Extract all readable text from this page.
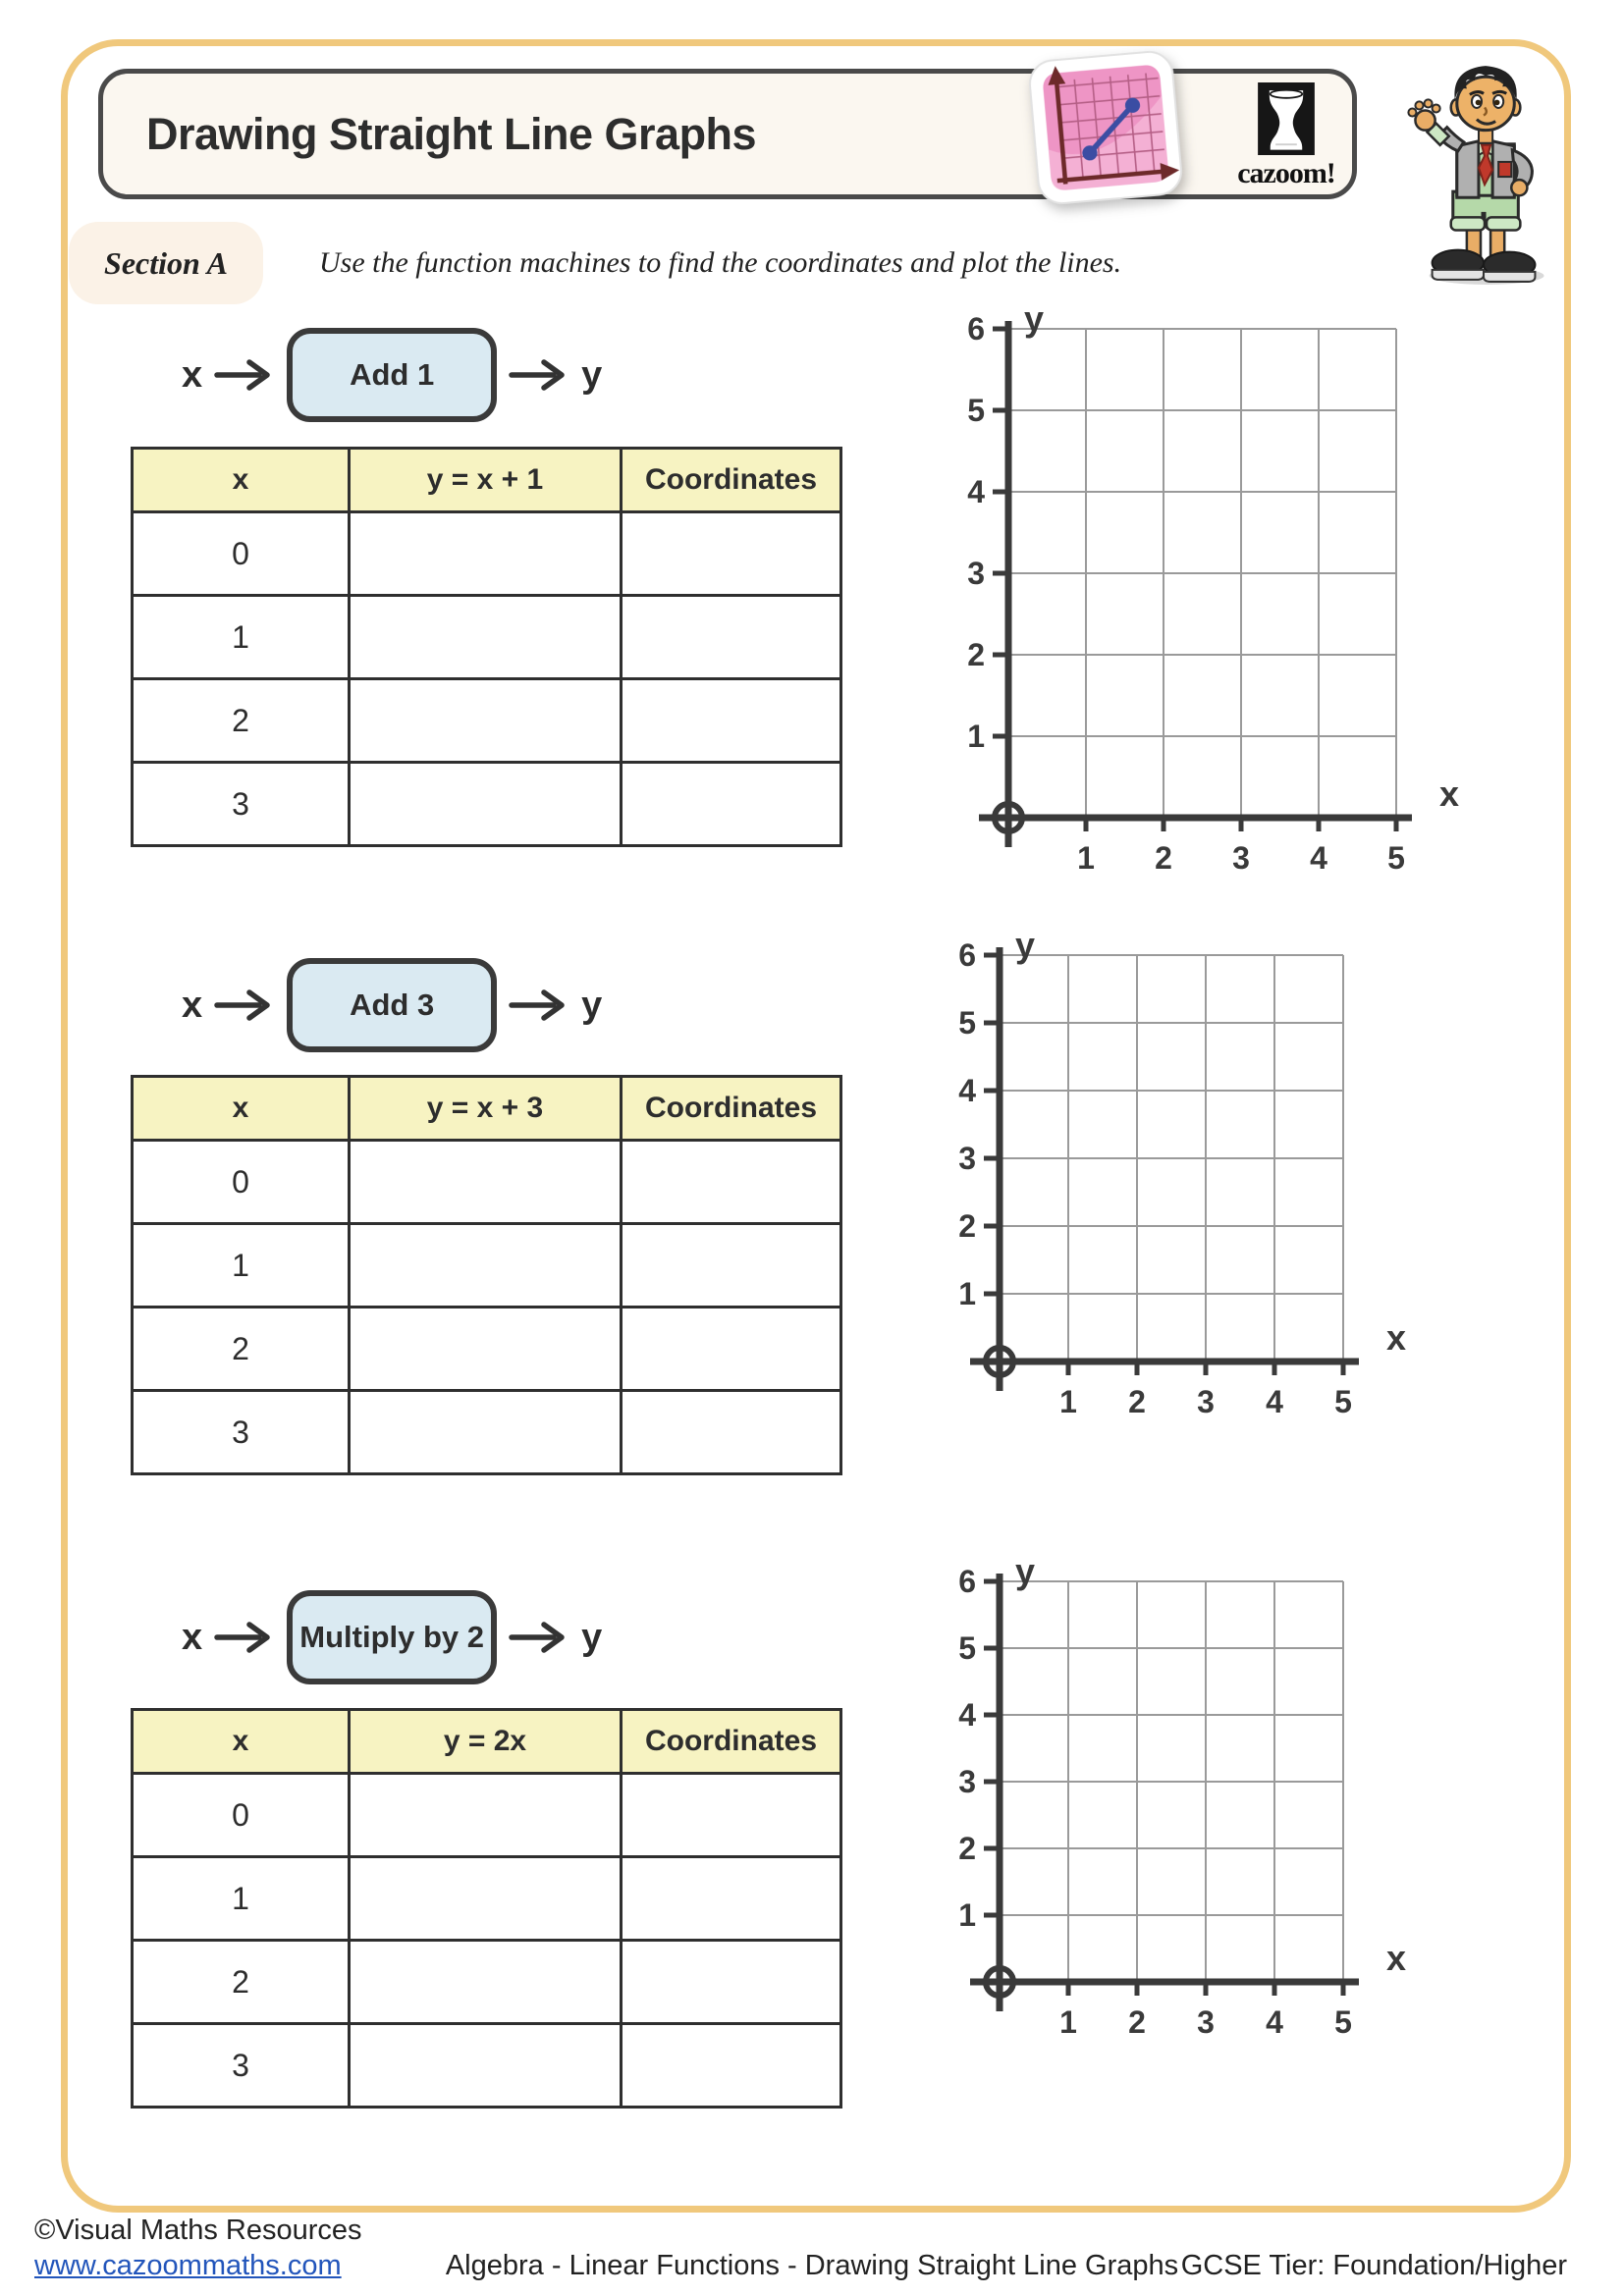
Drawing Straight Line Graphs
cazoom!
Section A	Use the function machines to find the coordinates and plot the lines.
x	Add 1	y
x	y = x + 1	Coordinates
0		
1		
2		
3		
x	Add 3	y
x	y = x + 3	Coordinates
0		
1		
2		
3		
x	Multiply by 2	y
x	y = 2x	Coordinates
0		
1		
2		
3		
6
5
4
3
2
1
1 2 3 4 5
y
x
6
5
4
3
2
1
1 2 3 4 5
y
x
6
5
4
3
2
1
1 2 3 4 5
y
x
©Visual Maths Resources
www.cazoommaths.com	Algebra - Linear Functions - Drawing Straight Line Graphs GCSE Tier: Foundation/Higher
